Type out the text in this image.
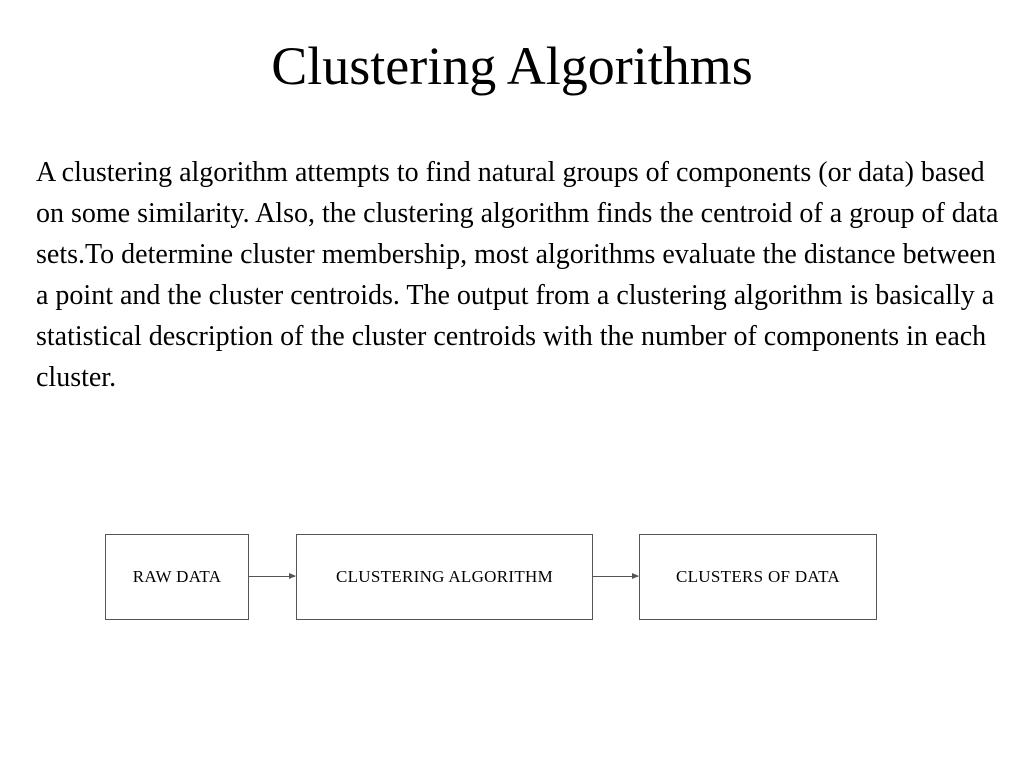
Clustering Algorithms

A clustering algorithm attempts to find natural groups of components (or data) based on some similarity. Also, the clustering algorithm finds the centroid of a group of data sets.To determine cluster membership, most algorithms evaluate the distance between a point and the cluster centroids. The output from a clustering algorithm is basically a statistical description of the cluster centroids with the number of components in each cluster.

RAW DATA	CLUSTERING ALGORITHM	CLUSTERS OF DATA
